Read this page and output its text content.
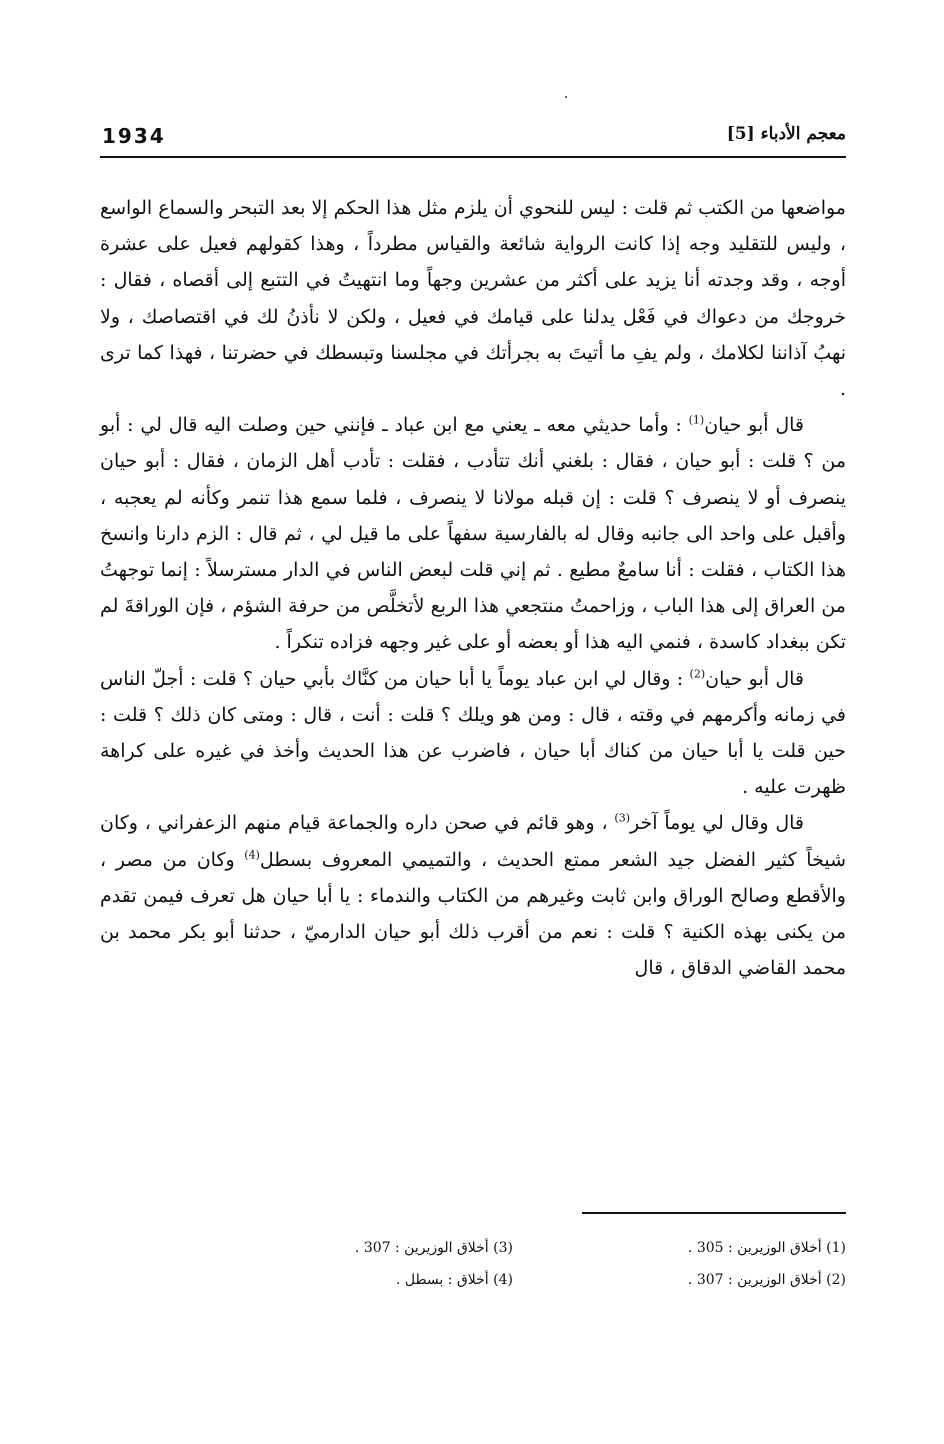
1934	معجم الأدباء [5]

مواضعها من الكتب ثم قلت : ليس للنحوي أن يلزم مثل هذا الحكم إلا بعد التبحر والسماع الواسع ، وليس للتقليد وجه إذا كانت الرواية شائعة والقياس مطرداً ، وهذا كقولهم فعيل على عشرة أوجه ، وقد وجدته أنا يزيد على أكثر من عشرين وجهاً وما انتهيتُ في التتبع إلى أقصاه ، فقال : خروجك من دعواك في فَعْل يدلنا على قيامك في فعيل ، ولكن لا نأذنُ لك في اقتصاصك ، ولا نهبُ آذاننا لكلامك ، ولم يفِ ما أتيتَ به بجرأتك في مجلسنا وتبسطك في حضرتنا ، فهذا كما ترى .

قال أبو حيان$^{(1)}$ : وأما حديثي معه ـ يعني مع ابن عباد ـ فإنني حين وصلت اليه قال لي : أبو من ؟ قلت : أبو حيان ، فقال : بلغني أنك تتأدب ، فقلت : تأدب أهل الزمان ، فقال : أبو حيان ينصرف أو لا ينصرف ؟ قلت : إن قبله مولانا لا ينصرف ، فلما سمع هذا تنمر وكأنه لم يعجبه ، وأقبل على واحد الى جانبه وقال له بالفارسية سفهاً على ما قيل لي ، ثم قال : الزم دارنا وانسخ هذا الكتاب ، فقلت : أنا سامعٌ مطيع . ثم إني قلت لبعض الناس في الدار مسترسلاً : إنما توجهتُ من العراق إلى هذا الباب ، وزاحمتُ منتجعي هذا الربع لأتخلَّص من حرفة الشؤم ، فإن الوراقةَ لم تكن ببغداد كاسدة ، فنمي اليه هذا أو بعضه أو على غير وجهه فزاده تنكراً .

قال أبو حيان$^{(2)}$ : وقال لي ابن عباد يوماً يا أبا حيان من كنَّاك بأبي حيان ؟ قلت : أجلّ الناس في زمانه وأكرمهم في وقته ، قال : ومن هو ويلك ؟ قلت : أنت ، قال : ومتى كان ذلك ؟ قلت : حين قلت يا أبا حيان من كناك أبا حيان ، فاضرب عن هذا الحديث وأخذ في غيره على كراهة ظهرت عليه .

قال وقال لي يوماً آخر$^{(3)}$ ، وهو قائم في صحن داره والجماعة قيام منهم الزعفراني ، وكان شيخاً كثير الفضل جيد الشعر ممتع الحديث ، والتميمي المعروف بسطل$^{(4)}$ وكان من مصر ، والأقطع وصالح الوراق وابن ثابت وغيرهم من الكتاب والندماء : يا أبا حيان هل تعرف فيمن تقدم من يكنى بهذه الكنية ؟ قلت : نعم من أقرب ذلك أبو حيان الدارميّ ، حدثنا أبو بكر محمد بن محمد القاضي الدقاق ، قال

(1) أخلاق الوزيرين : 305 .
(3) أخلاق الوزيرين : 307 .
(2) أخلاق الوزيرين : 307 .
(4) أخلاق : بسطل .
